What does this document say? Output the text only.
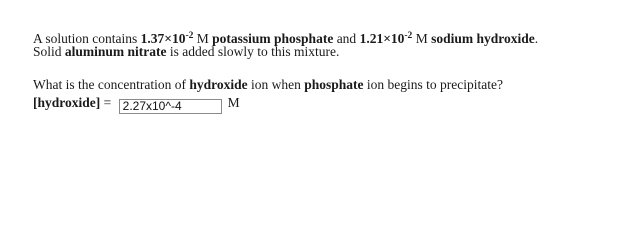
A solution contains $1.37\times 10^{-2}$ M potassium phosphate and $1.21\times 10^{-2}$ M sodium hydroxide.
Solid aluminum nitrate is added slowly to this mixture.
What is the concentration of hydroxide ion when phosphate ion begins to precipitate?
[hydroxide] = 2.27x10^-4	M
